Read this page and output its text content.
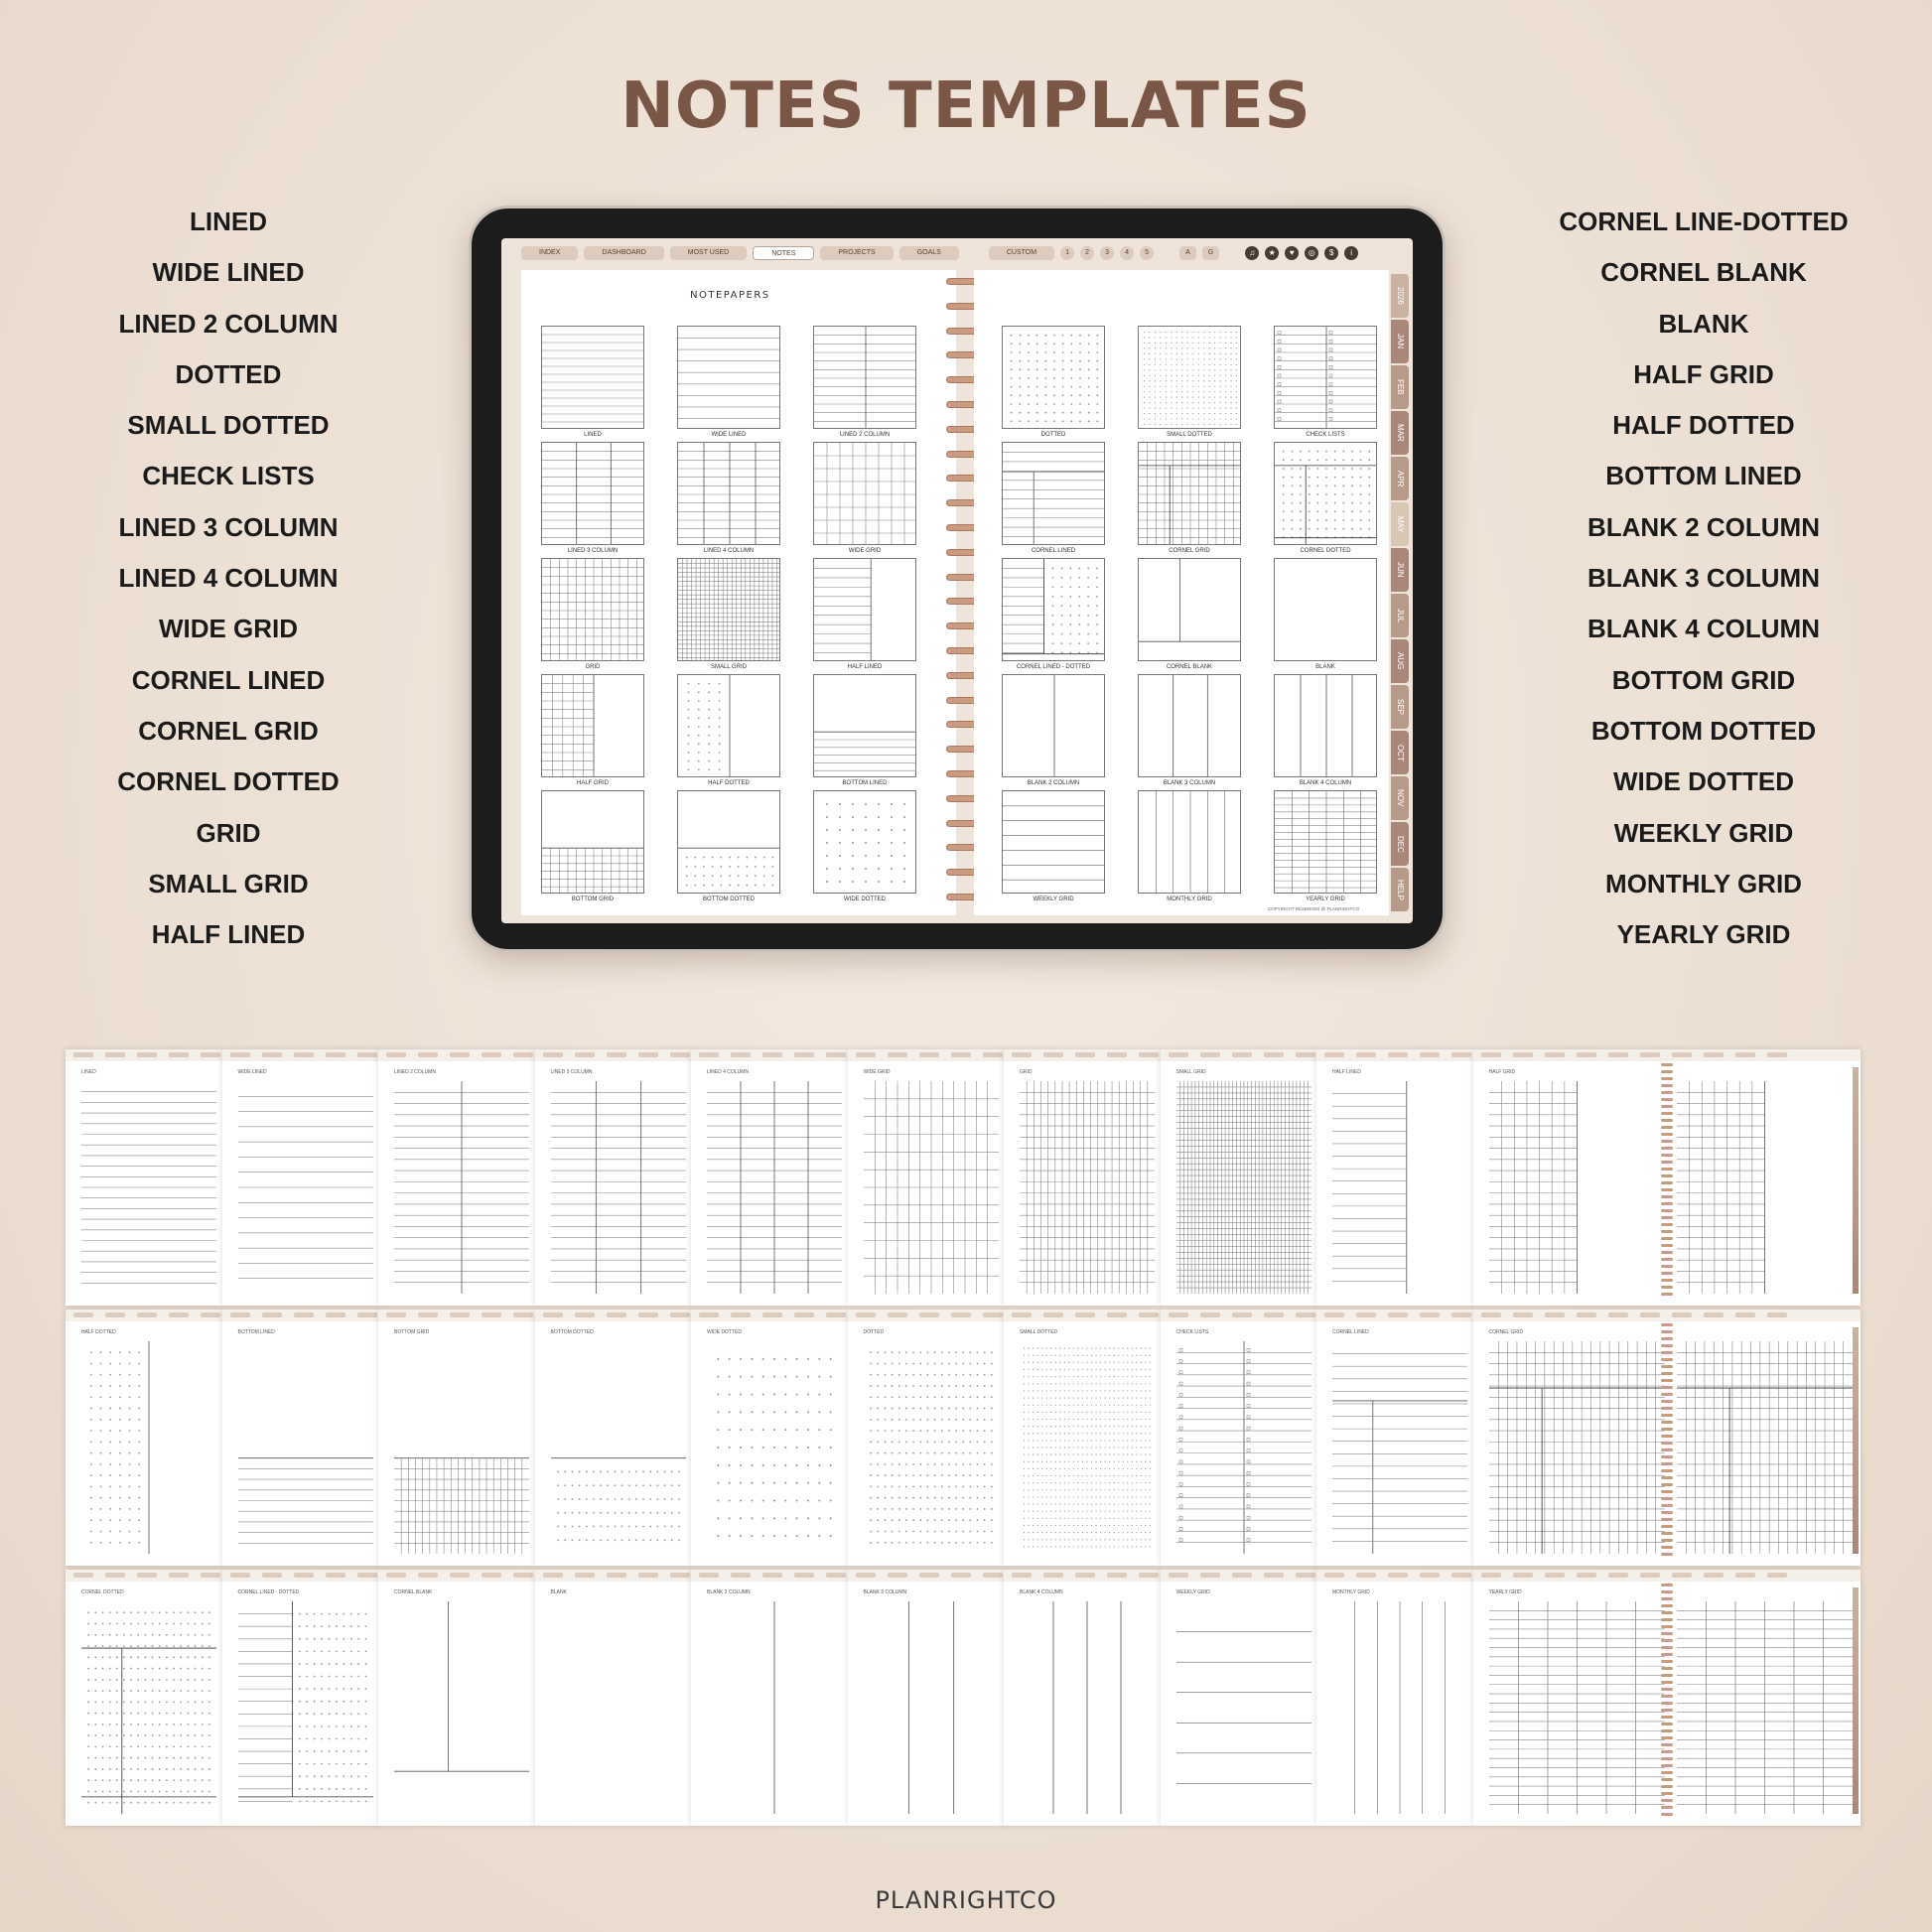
NOTES TEMPLATES
LINED
WIDE LINED
LINED 2 COLUMN
DOTTED
SMALL DOTTED
CHECK LISTS
LINED 3 COLUMN
LINED 4 COLUMN
WIDE GRID
CORNEL LINED
CORNEL GRID
CORNEL DOTTED
GRID
SMALL GRID
HALF LINED
CORNEL LINE-DOTTED
CORNEL BLANK
BLANK
HALF GRID
HALF DOTTED
BOTTOM LINED
BLANK 2 COLUMN
BLANK 3 COLUMN
BLANK 4 COLUMN
BOTTOM GRID
BOTTOM DOTTED
WIDE DOTTED
WEEKLY GRID
MONTHLY GRID
YEARLY GRID
INDEX	DASHBOARD	MOST USED	NOTES	PROJECTS	GOALS	CUSTOM	1	2	3	4	5	A	G	♫	★	♥	◎	$	i
NOTEPAPERS
LINED	WIDE LINED	LINED 2 COLUMN
LINED 3 COLUMN	LINED 4 COLUMN	WIDE GRID
GRID	SMALL GRID	HALF LINED
HALF GRID	HALF DOTTED	BOTTOM LINED
BOTTOM GRID	BOTTOM DOTTED	WIDE DOTTED
COPYRIGHT RESERVED @ PLANRIGHTCO
DOTTED	SMALL DOTTED	CHECK LISTS
CORNEL LINED	CORNEL GRID	CORNEL DOTTED
CORNEL LINED - DOTTED	CORNEL BLANK	BLANK
BLANK 2 COLUMN	BLANK 3 COLUMN	BLANK 4 COLUMN
WEEKLY GRID	MONTHLY GRID	YEARLY GRID
2026
JAN
FEB
MAR
APR
MAY
JUN
JUL
AUG
SEP
OCT
NOV
DEC
HELP
LINED	WIDE LINED	LINED 2 COLUMN	LINED 3 COLUMN	LINED 4 COLUMN	WIDE GRID	GRID	SMALL GRID	HALF LINED	HALF GRID
HALF DOTTED	BOTTOM LINED	BOTTOM GRID	BOTTOM DOTTED	WIDE DOTTED	DOTTED	SMALL DOTTED	CHECK LISTS	CORNEL LINED	CORNEL GRID
CORNEL DOTTED	CORNEL LINED - DOTTED	CORNEL BLANK	BLANK	BLANK 2 COLUMN	BLANK 3 COLUMN	BLANK 4 COLUMN	WEEKLY GRID	MONTHLY GRID	YEARLY GRID
PLANRIGHTCO
